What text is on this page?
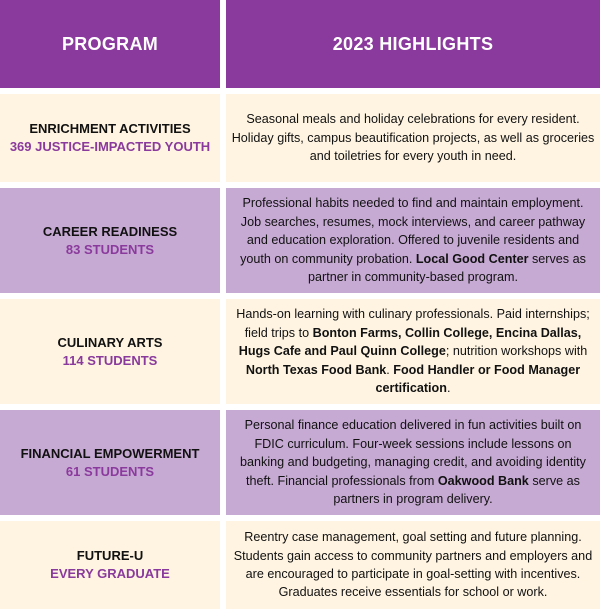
PROGRAM	2023 HIGHLIGHTS
ENRICHMENT ACTIVITIES
369 JUSTICE-IMPACTED YOUTH
Seasonal meals and holiday celebrations for every resident. Holiday gifts, campus beautification projects, as well as groceries and toiletries for every youth in need.
CAREER READINESS
83 STUDENTS
Professional habits needed to find and maintain employment. Job searches, resumes, mock interviews, and career pathway and education exploration. Offered to juvenile residents and youth on community probation. Local Good Center serves as partner in community-based program.
CULINARY ARTS
114 STUDENTS
Hands-on learning with culinary professionals. Paid internships; field trips to Bonton Farms, Collin College, Encina Dallas, Hugs Cafe and Paul Quinn College; nutrition workshops with North Texas Food Bank. Food Handler or Food Manager certification.
FINANCIAL EMPOWERMENT
61 STUDENTS
Personal finance education delivered in fun activities built on FDIC curriculum. Four-week sessions include lessons on banking and budgeting, managing credit, and avoiding identity theft. Financial professionals from Oakwood Bank serve as partners in program delivery.
FUTURE-U
EVERY GRADUATE
Reentry case management, goal setting and future planning. Students gain access to community partners and employers and are encouraged to participate in goal-setting with incentives. Graduates receive essentials for school or work.
